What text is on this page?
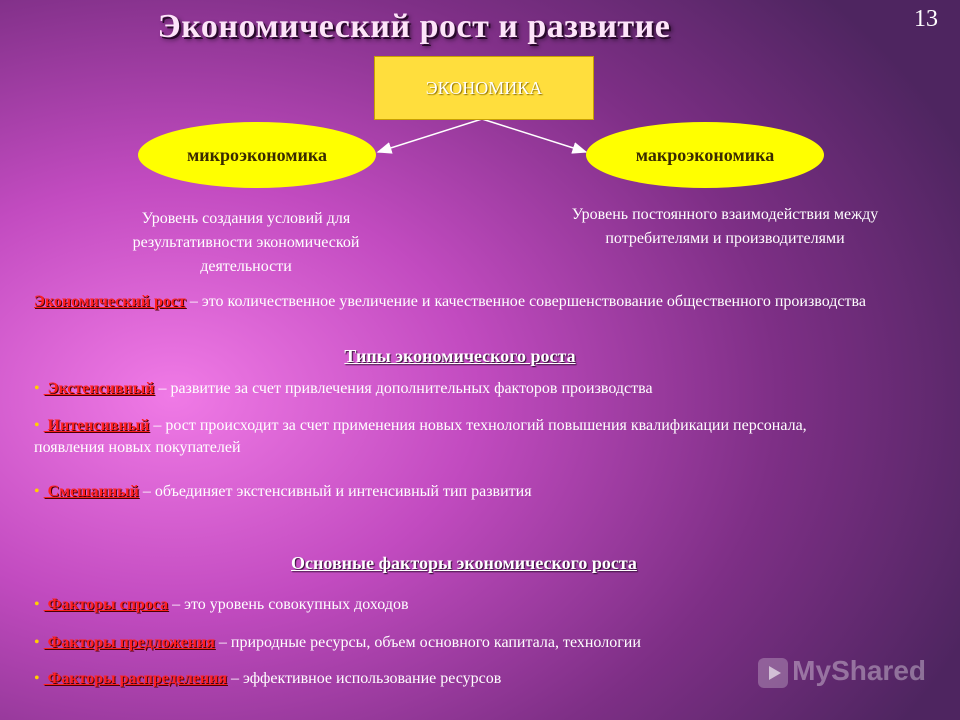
Экономический рост и развитие	13
ЭКОНОМИКА
микроэкономика	макроэкономика
Уровень создания условий для результативности экономической деятельности
Уровень постоянного взаимодействия между потребителями и производителями
Экономический рост – это количественное увеличение и качественное совершенствование общественного производства
Типы экономического роста
• Экстенсивный – развитие за счет привлечения дополнительных факторов производства
• Интенсивный – рост происходит за счет применения новых технологий повышения квалификации персонала, появления новых покупателей
• Смешанный – объединяет экстенсивный и интенсивный тип развития
Основные факторы экономического роста
• Факторы спроса – это уровень совокупных доходов
• Факторы предложения – природные ресурсы, объем основного капитала, технологии
• Факторы распределения – эффективное использование ресурсов	MyShared
